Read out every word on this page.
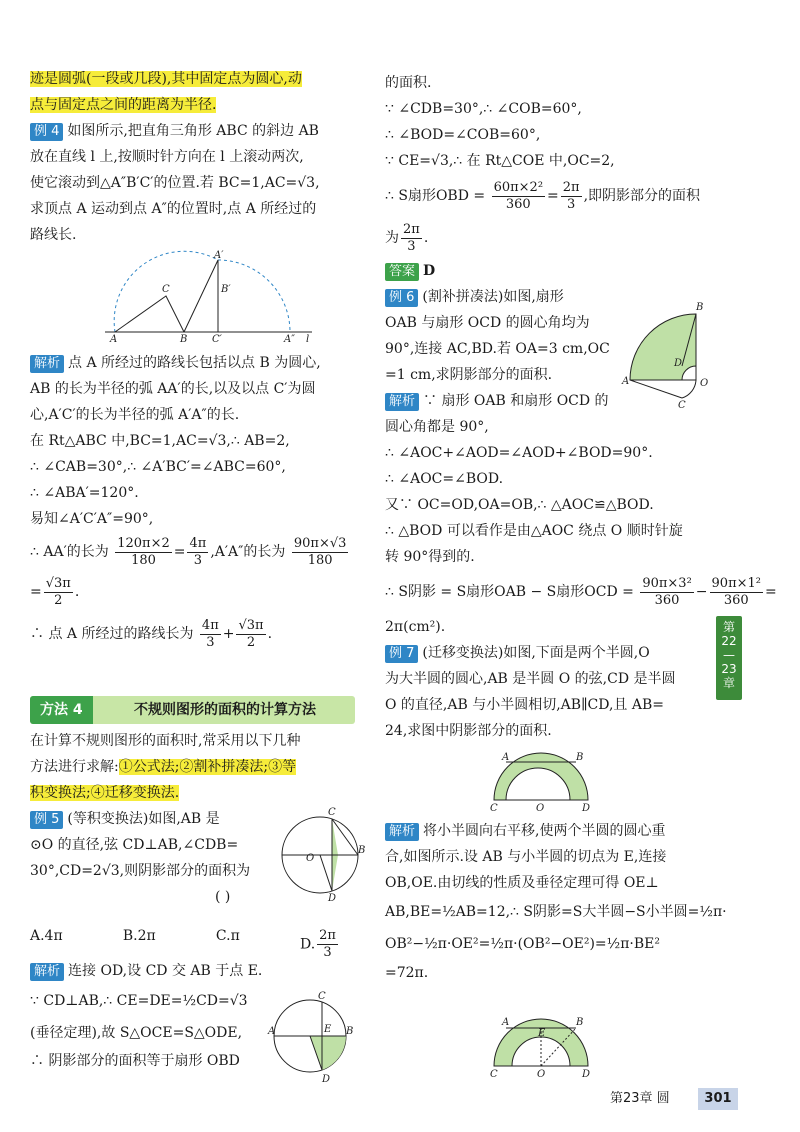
迹是圆弧(一段或几段),其中固定点为圆心,动
点与固定点之间的距离为半径.
例 4 如图所示,把直角三角形 ABC 的斜边 AB
放在直线 l 上,按顺时针方向在 l 上滚动两次,
使它滚动到△A″B′C′的位置.若 BC=1,AC=√3,
求顶点 A 运动到点 A″的位置时,点 A 所经过的
路线长.
A
C
B
A′
B′
C′	A″ l
解析 点 A 所经过的路线长包括以点 B 为圆心,
AB 的长为半径的弧 AA′的长,以及以点 C′为圆
心,A′C′的长为半径的弧 A′A″的长.
在 Rt△ABC 中,BC=1,AC=√3,∴ AB=2,
∴ ∠CAB=30°,∴ ∠A′BC′=∠ABC=60°,
∴ ∠ABA′=120°.
易知∠A′C′A″=90°,
∴ AA′的长为 $\frac{120\pi\times 2}{180} = \frac{4\pi}{3} ,A'A''$的长为 $\frac{90\pi\times√3}{180}$
= $\frac{√3\pi}{2}$ .
∴ 点 A 所经过的路线长为 $\frac{4\pi}{3} + \frac{√3\pi}{2}$ .
方法 4	不规则图形的面积的计算方法
在计算不规则图形的面积时,常采用以下几种
方法进行求解:①公式法;②割补拼凑法;③等
积变换法;④迁移变换法.
例 5 (等积变换法)如图,AB 是
⊙O 的直径,弦 CD⊥AB,∠CDB=
30°,CD=2√3,则阴影部分的面积为
( )
C
O
B
D
A.4π	B.2π	C.π
D. $\frac{2\pi}{3}$
解析 连接 OD,设 CD 交 AB 于点 E.
∵ CD⊥AB,∴ CE=DE=½CD=√3
(垂径定理),故 S△OCE=S△ODE,
∴ 阴影部分的面积等于扇形 OBD
C
A	E B
D
的面积.
∵ ∠CDB=30°,∴ ∠COB=60°,
∴ ∠BOD=∠COB=60°,
∵ CE=√3,∴ 在 Rt△COE 中,OC=2,
∴ S扇形OBD = $\frac{\text{60π×2²}}{360} = \frac{2\pi}{3}$ ,即阴影部分的面积
为 $\frac{2\pi}{3}$ .
答案 D
例 6 (割补拼凑法)如图,扇形
OAB 与扇形 OCD 的圆心角均为
90°,连接 AC,BD.若 OA=3 cm,OC
=1 cm,求阴影部分的面积.
解析 ∵ 扇形 OAB 和扇形 OCD 的
圆心角都是 90°,
∴ ∠AOC+∠AOD=∠AOD+∠BOD=90°.
∴ ∠AOC=∠BOD.
又∵ OC=OD,OA=OB,∴ △AOC≌△BOD.
∴ △BOD 可以看作是由△AOC 绕点 O 顺时针旋
转 90°得到的.
∴ S阴影 = S扇形OAB − S扇形OCD = $\frac{\text{90π×3²}}{360} - \frac{\text{90π×1²}}{360}$ =
2π(cm²).
例 7 (迁移变换法)如图,下面是两个半圆,O
为大半圆的圆心,AB 是半圆 O 的弦,CD 是半圆
O 的直径,AB 与小半圆相切,AB∥CD,且 AB=
24,求图中阴影部分的面积.
B
D
A	O
C
A	B
C	O	D
解析 将小半圆向右平移,使两个半圆的圆心重
合,如图所示.设 AB 与小半圆的切点为 E,连接
OB,OE.由切线的性质及垂径定理可得 OE⊥
AB,BE=½AB=12,∴ S阴影=S大半圆−S小半圆=½π·
OB²−½π·OE²=½π·(OB²−OE²)=½π·BE²
=72π.
A
E
B
C	O	D
第22—23章
第23章 圆	301
